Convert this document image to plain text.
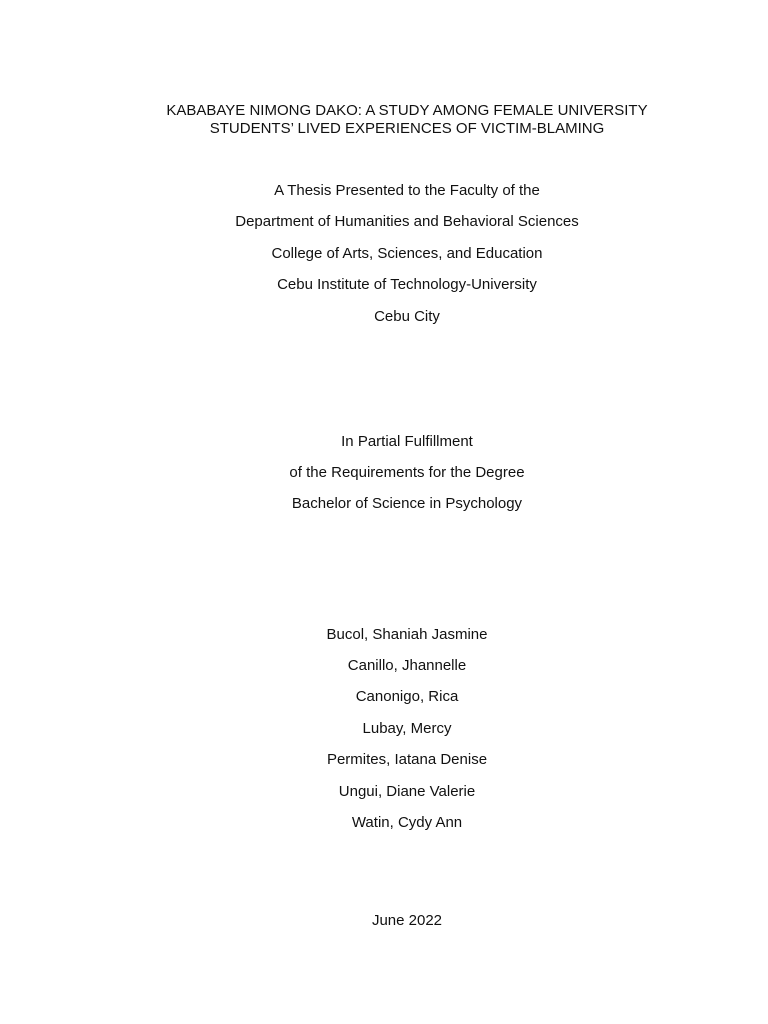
KABABAYE NIMONG DAKO: A STUDY AMONG FEMALE UNIVERSITY
STUDENTS’ LIVED EXPERIENCES OF VICTIM-BLAMING
A Thesis Presented to the Faculty of the
Department of Humanities and Behavioral Sciences
College of Arts, Sciences, and Education
Cebu Institute of Technology-University
Cebu City
In Partial Fulfillment
of the Requirements for the Degree
Bachelor of Science in Psychology
Bucol, Shaniah Jasmine
Canillo, Jhannelle
Canonigo, Rica
Lubay, Mercy
Permites, Iatana Denise
Ungui, Diane Valerie
Watin, Cydy Ann
June 2022
